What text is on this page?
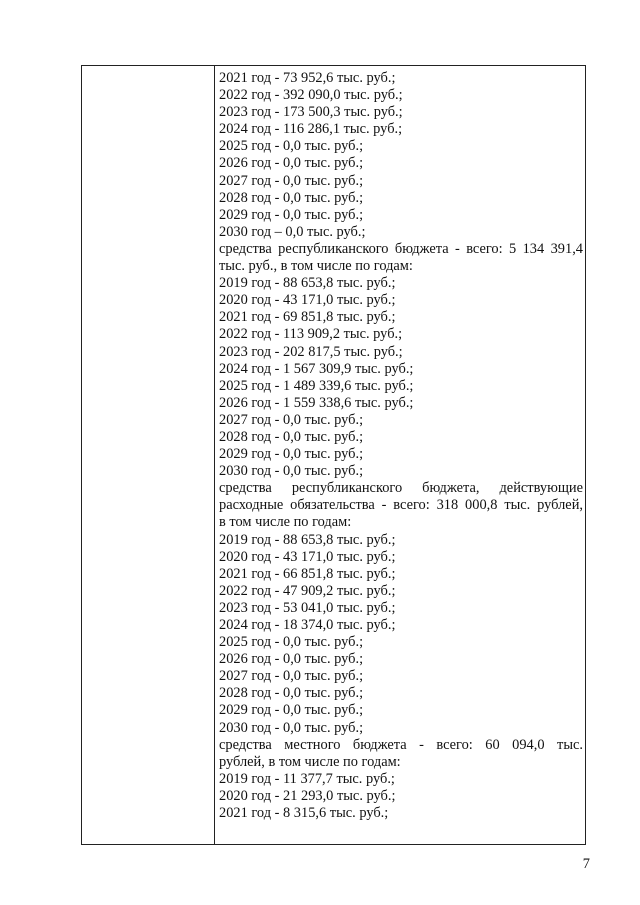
2021 год - 73 952,6 тыс. руб.;
2022 год - 392 090,0 тыс. руб.;
2023 год - 173 500,3 тыс. руб.;
2024 год - 116 286,1 тыс. руб.;
2025 год - 0,0 тыс. руб.;
2026 год - 0,0 тыс. руб.;
2027 год - 0,0 тыс. руб.;
2028 год - 0,0 тыс. руб.;
2029 год - 0,0 тыс. руб.;
2030 год – 0,0 тыс. руб.;
средства республиканского бюджета - всего: 5 134 391,4
тыс. руб., в том числе по годам:
2019 год - 88 653,8 тыс. руб.;
2020 год - 43 171,0 тыс. руб.;
2021 год - 69 851,8 тыс. руб.;
2022 год - 113 909,2 тыс. руб.;
2023 год - 202 817,5 тыс. руб.;
2024 год - 1 567 309,9 тыс. руб.;
2025 год - 1 489 339,6 тыс. руб.;
2026 год - 1 559 338,6 тыс. руб.;
2027 год - 0,0 тыс. руб.;
2028 год - 0,0 тыс. руб.;
2029 год - 0,0 тыс. руб.;
2030 год - 0,0 тыс. руб.;
средства республиканского бюджета, действующие
расходные обязательства - всего: 318 000,8 тыс. рублей,
в том числе по годам:
2019 год - 88 653,8 тыс. руб.;
2020 год - 43 171,0 тыс. руб.;
2021 год - 66 851,8 тыс. руб.;
2022 год - 47 909,2 тыс. руб.;
2023 год - 53 041,0 тыс. руб.;
2024 год - 18 374,0 тыс. руб.;
2025 год - 0,0 тыс. руб.;
2026 год - 0,0 тыс. руб.;
2027 год - 0,0 тыс. руб.;
2028 год - 0,0 тыс. руб.;
2029 год - 0,0 тыс. руб.;
2030 год - 0,0 тыс. руб.;
средства местного бюджета - всего: 60 094,0 тыс.
рублей, в том числе по годам:
2019 год - 11 377,7 тыс. руб.;
2020 год - 21 293,0 тыс. руб.;
2021 год - 8 315,6 тыс. руб.;
7
